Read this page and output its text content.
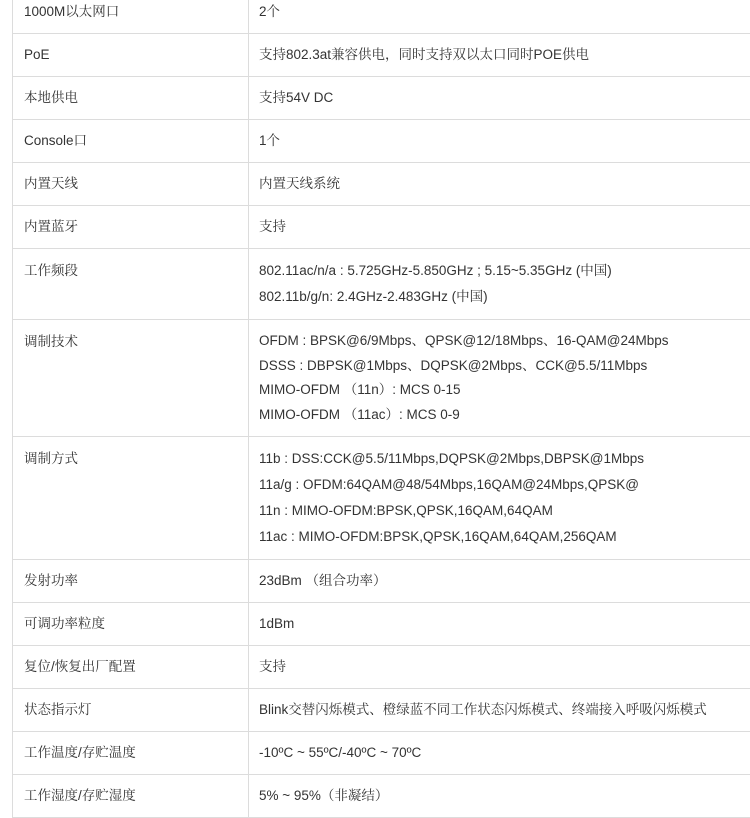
1000M以太网口	2个
PoE	支持802.3at兼容供电，同时支持双以太口同时POE供电
本地供电	支持54V DC
Console口	1个
内置天线	内置天线系统
内置蓝牙	支持
工作频段	802.11ac/n/a : 5.725GHz-5.850GHz ; 5.15~5.35GHz (中国)
802.11b/g/n: 2.4GHz-2.483GHz (中国)
调制技术	OFDM : BPSK@6/9Mbps、QPSK@12/18Mbps、16-QAM@24Mbps
DSSS : DBPSK@1Mbps、DQPSK@2Mbps、CCK@5.5/11Mbps
MIMO-OFDM （11n）: MCS 0-15
MIMO-OFDM （11ac）: MCS 0-9
调制方式	11b : DSS:CCK@5.5/11Mbps,DQPSK@2Mbps,DBPSK@1Mbps
11a/g : OFDM:64QAM@48/54Mbps,16QAM@24Mbps,QPSK@
11n : MIMO-OFDM:BPSK,QPSK,16QAM,64QAM
11ac : MIMO-OFDM:BPSK,QPSK,16QAM,64QAM,256QAM
发射功率	23dBm （组合功率）
可调功率粒度	1dBm
复位/恢复出厂配置	支持
状态指示灯	Blink交替闪烁模式、橙绿蓝不同工作状态闪烁模式、终端接入呼吸闪烁模式
工作温度/存贮温度	-10ºC ~ 55ºC/-40ºC ~ 70ºC
工作湿度/存贮湿度	5% ~ 95%（非凝结）
